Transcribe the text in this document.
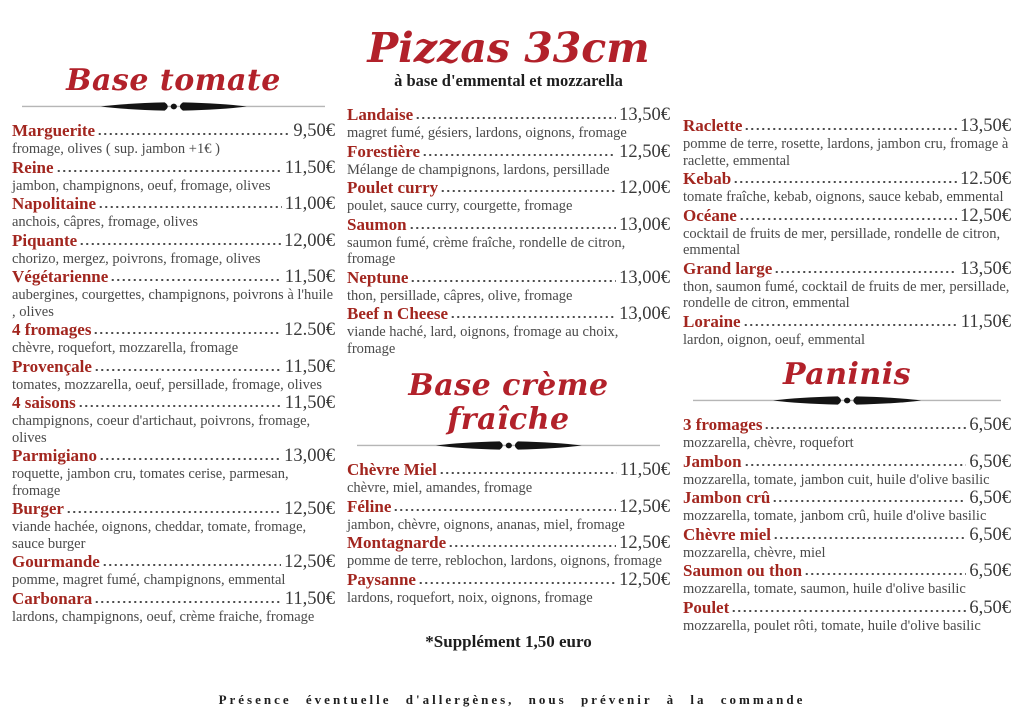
Base tomate
Marguerite	9,50€
fromage, olives ( sup. jambon +1€ )
Reine	11,50€
jambon, champignons, oeuf, fromage, olives
Napolitaine	11,00€
anchois, câpres, fromage, olives
Piquante	12,00€
chorizo, mergez, poivrons, fromage, olives
Végétarienne	11,50€
aubergines, courgettes, champignons, poivrons à l'huile , olives
4 fromages	12.50€
chèvre, roquefort, mozzarella, fromage
Provençale	11,50€
tomates, mozzarella, oeuf, persillade, fromage, olives
4 saisons	11,50€
champignons, coeur d'artichaut, poivrons, fromage, olives
Parmigiano	13,00€
roquette, jambon cru, tomates cerise, parmesan, fromage
Burger	12,50€
viande hachée, oignons, cheddar, tomate, fromage, sauce burger
Gourmande	12,50€
pomme, magret fumé, champignons, emmental
Carbonara	11,50€
lardons, champignons, oeuf, crème fraiche, fromage
Pizzas 33cm
à base d'emmental et mozzarella
Landaise	13,50€
magret fumé, gésiers, lardons, oignons, fromage
Forestière	12,50€
Mélange de champignons, lardons, persillade
Poulet curry	12,00€
poulet, sauce curry, courgette, fromage
Saumon	13,00€
saumon fumé, crème fraîche, rondelle de citron, fromage
Neptune	13,00€
thon, persillade, câpres, olive, fromage
Beef n Cheese	13,00€
viande haché, lard, oignons, fromage au choix, fromage
Base crème fraîche
Chèvre Miel	11,50€
chèvre, miel, amandes, fromage
Féline	12,50€
jambon, chèvre, oignons, ananas, miel, fromage
Montagnarde	12,50€
pomme de terre, reblochon, lardons, oignons, fromage
Paysanne	12,50€
lardons, roquefort, noix, oignons, fromage
*Supplément 1,50 euro
Raclette	13,50€
pomme de terre, rosette, lardons, jambon cru, fromage à raclette, emmental
Kebab	12.50€
tomate fraîche, kebab, oignons, sauce kebab, emmental
Océane	12,50€
cocktail de fruits de mer, persillade, rondelle de citron, emmental
Grand large	13,50€
thon, saumon fumé, cocktail de fruits de mer, persillade, rondelle de citron, emmental
Loraine	11,50€
lardon, oignon, oeuf, emmental
Paninis
3 fromages	6,50€
mozzarella, chèvre, roquefort
Jambon	6,50€
mozzarella, tomate, jambon cuit, huile d'olive basilic
Jambon crû	6,50€
mozzarella, tomate, janbom crû, huile d'olive basilic
Chèvre miel	6,50€
mozzarella, chèvre, miel
Saumon ou thon	6,50€
mozzarella, tomate, saumon, huile d'olive basilic
Poulet	6,50€
mozzarella, poulet rôti, tomate, huile d'olive basilic
Présence éventuelle d'allergènes, nous prévenir à la commande
